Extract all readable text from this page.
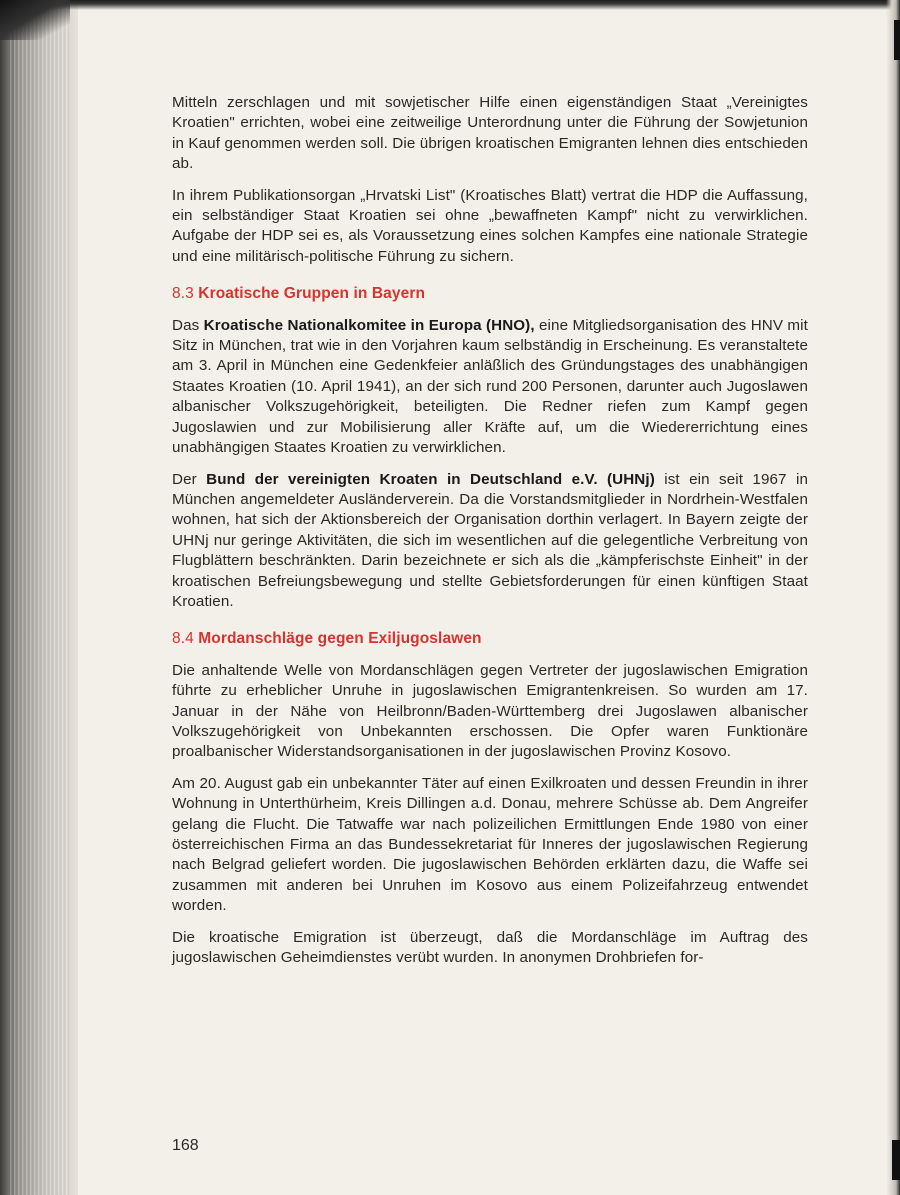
Mitteln zerschlagen und mit sowjetischer Hilfe einen eigenständigen Staat „Vereinigtes Kroatien" errichten, wobei eine zeitweilige Unterordnung unter die Führung der Sowjetunion in Kauf genommen werden soll. Die übrigen kroatischen Emigranten lehnen dies entschieden ab.

In ihrem Publikationsorgan „Hrvatski List" (Kroatisches Blatt) vertrat die HDP die Auffassung, ein selbständiger Staat Kroatien sei ohne „bewaffneten Kampf" nicht zu verwirklichen. Aufgabe der HDP sei es, als Voraussetzung eines solchen Kampfes eine nationale Strategie und eine militärisch-politische Führung zu sichern.

8.3 Kroatische Gruppen in Bayern

Das Kroatische Nationalkomitee in Europa (HNO), eine Mitgliedsorganisation des HNV mit Sitz in München, trat wie in den Vorjahren kaum selbständig in Erscheinung. Es veranstaltete am 3. April in München eine Gedenkfeier anläßlich des Gründungstages des unabhängigen Staates Kroatien (10. April 1941), an der sich rund 200 Personen, darunter auch Jugoslawen albanischer Volkszugehörigkeit, beteiligten. Die Redner riefen zum Kampf gegen Jugoslawien und zur Mobilisierung aller Kräfte auf, um die Wiedererrichtung eines unabhängigen Staates Kroatien zu verwirklichen.

Der Bund der vereinigten Kroaten in Deutschland e.V. (UHNj) ist ein seit 1967 in München angemeldeter Ausländerverein. Da die Vorstandsmitglieder in Nordrhein-Westfalen wohnen, hat sich der Aktionsbereich der Organisation dorthin verlagert. In Bayern zeigte der UHNj nur geringe Aktivitäten, die sich im wesentlichen auf die gelegentliche Verbreitung von Flugblättern beschränkten. Darin bezeichnete er sich als die „kämpferischste Einheit" in der kroatischen Befreiungsbewegung und stellte Gebietsforderungen für einen künftigen Staat Kroatien.

8.4 Mordanschläge gegen Exiljugoslawen

Die anhaltende Welle von Mordanschlägen gegen Vertreter der jugoslawischen Emigration führte zu erheblicher Unruhe in jugoslawischen Emigrantenkreisen. So wurden am 17. Januar in der Nähe von Heilbronn/Baden-Württemberg drei Jugoslawen albanischer Volkszugehörigkeit von Unbekannten erschossen. Die Opfer waren Funktionäre proalbanischer Widerstandsorganisationen in der jugoslawischen Provinz Kosovo.

Am 20. August gab ein unbekannter Täter auf einen Exilkroaten und dessen Freundin in ihrer Wohnung in Unterthürheim, Kreis Dillingen a.d. Donau, mehrere Schüsse ab. Dem Angreifer gelang die Flucht. Die Tatwaffe war nach polizeilichen Ermittlungen Ende 1980 von einer österreichischen Firma an das Bundessekretariat für Inneres der jugoslawischen Regierung nach Belgrad geliefert worden. Die jugoslawischen Behörden erklärten dazu, die Waffe sei zusammen mit anderen bei Unruhen im Kosovo aus einem Polizeifahrzeug entwendet worden.

Die kroatische Emigration ist überzeugt, daß die Mordanschläge im Auftrag des jugoslawischen Geheimdienstes verübt wurden. In anonymen Drohbriefen for-

168
